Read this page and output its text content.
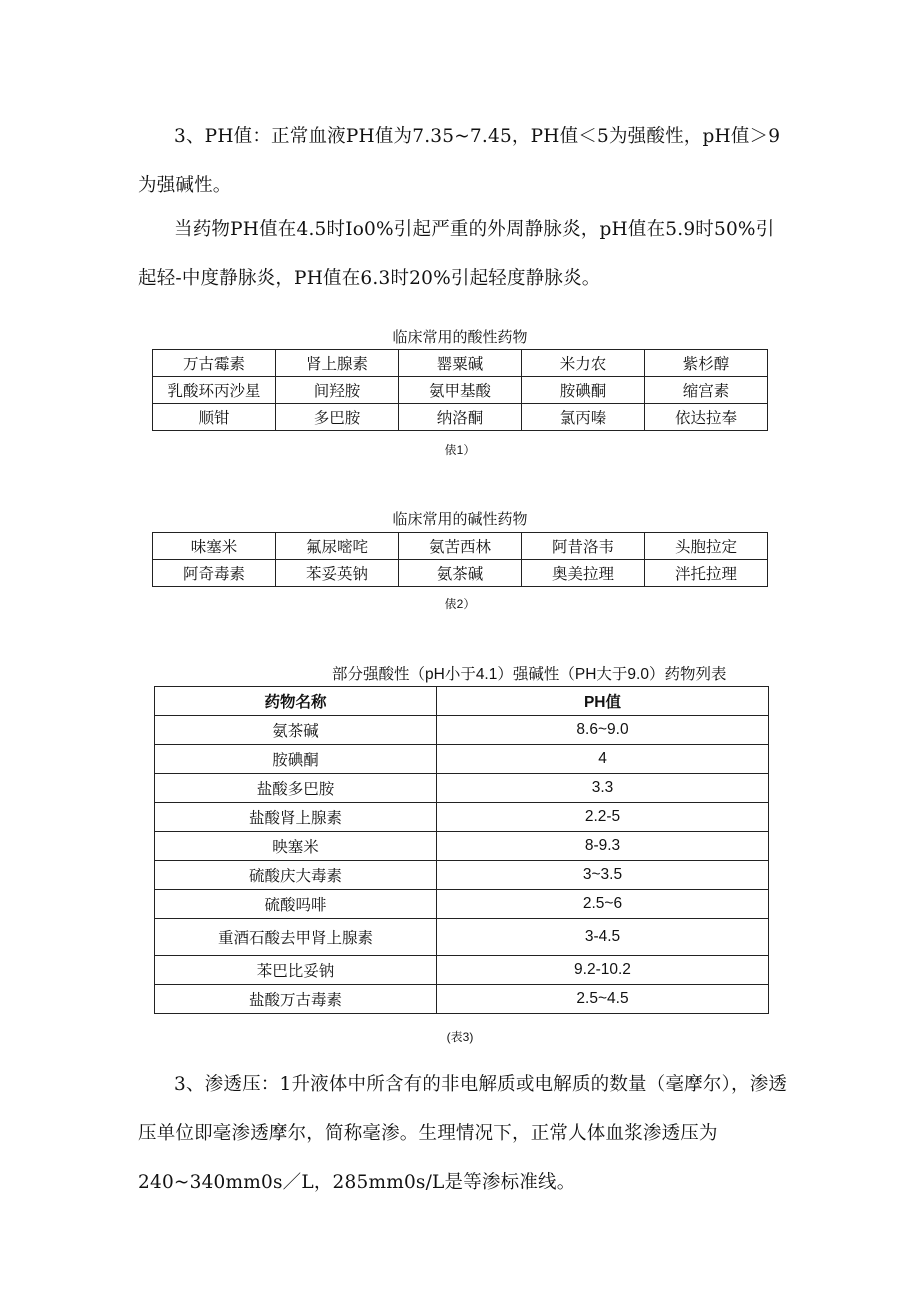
3、PH值：正常血液PH值为7.35~7.45，PH值＜5为强酸性，pH值＞9为强碱性。

当药物PH值在4.5时Io0%引起严重的外周静脉炎，pH值在5.9时50%引起轻-中度静脉炎，PH值在6.3时20%引起轻度静脉炎。

临床常用的酸性药物
万古霉素	肾上腺素	罂粟碱	米力农	紫杉醇
乳酸环丙沙星	间羟胺	氨甲基酸	胺碘酮	缩宫素
顺钳	多巴胺	纳洛酮	氯丙嗪	依达拉奉
俵1）
临床常用的碱性药物
味塞米	氟尿嘧咤	氨苦西林	阿昔洛韦	头胞拉定
阿奇毒素	苯妥英钠	氨茶碱	奥美拉理	泮托拉理
俵2）
部分强酸性（pH小于4.1）强碱性（PH大于9.0）药物列表
药物名称	PH值
氨茶碱	8.6~9.0
胺碘酮	4
盐酸多巴胺	3.3
盐酸肾上腺素	2.2-5
映塞米	8-9.3
硫酸庆大毒素	3~3.5
硫酸吗啡	2.5~6
重酒石酸去甲肾上腺素	3-4.5
苯巴比妥钠	9.2-10.2
盐酸万古毒素	2.5~4.5
(表3)

3、渗透压：1升液体中所含有的非电解质或电解质的数量（毫摩尔），渗透压单位即毫渗透摩尔，简称毫渗。生理情况下，正常人体血浆渗透压为240~340mm0s／L，285mm0s/L是等渗标准线。
